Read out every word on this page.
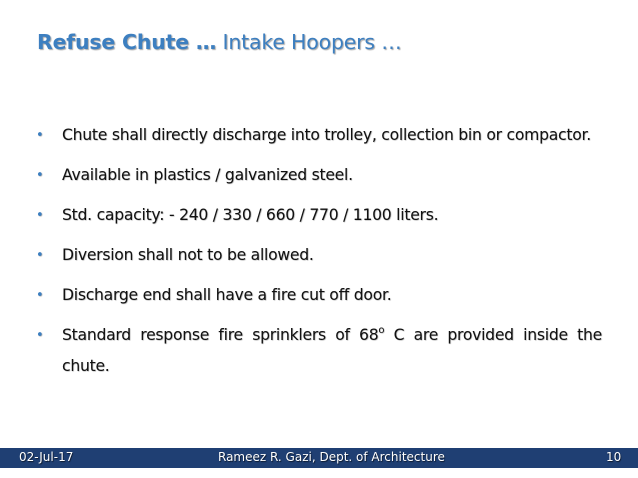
Refuse Chute … Intake Hoopers …
• Chute shall directly discharge into trolley, collection bin or compactor.
• Available in plastics / galvanized steel.
• Std. capacity: - 240 / 330 / 660 / 770 / 1100 liters.
• Diversion shall not to be allowed.
• Discharge end shall have a fire cut off door.
• Standard response fire sprinklers of 68$^o$ C are provided inside the chute.
02-Jul-17	Rameez R. Gazi, Dept. of Architecture	10
